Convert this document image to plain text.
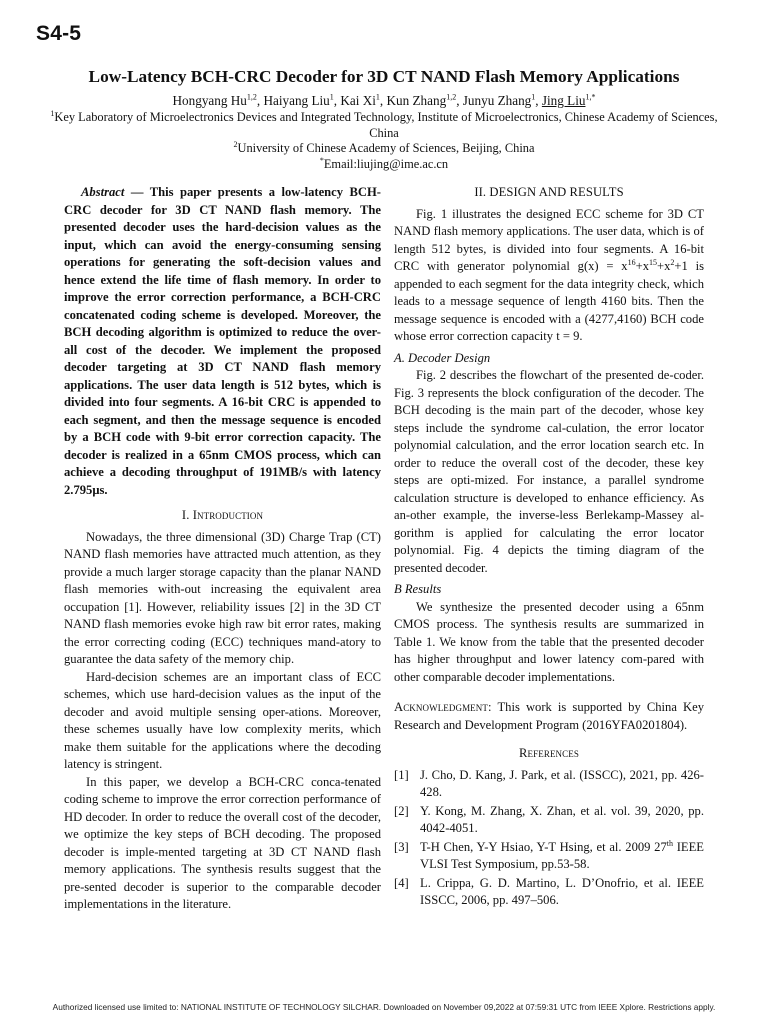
S4-5
Low-Latency BCH-CRC Decoder for 3D CT NAND Flash Memory Applications
Hongyang Hu$^{1,2}$, Haiyang Liu$^1$, Kai Xi$^1$, Kun Zhang$^{1,2}$, Junyu Zhang$^1$, Jing Liu$^{1,*}$
$^1$Key Laboratory of Microelectronics Devices and Integrated Technology, Institute of Microelectronics, Chinese Academy of Sciences, China
$^2$University of Chinese Academy of Sciences, Beijing, China
*Email:liujing@ime.ac.cn

Abstract — This paper presents a low-latency BCH-CRC decoder for 3D CT NAND flash memory. The presented decoder uses the hard-decision values as the input, which can avoid the energy-consuming sensing operations for generating the soft-decision values and hence extend the life time of flash memory. In order to improve the error correction performance, a BCH-CRC concatenated coding scheme is developed. Moreover, the BCH decoding algorithm is optimized to reduce the over-all cost of the decoder. We implement the proposed decoder targeting at 3D CT NAND flash memory applications. The user data length is 512 bytes, which is divided into four segments. A 16-bit CRC is appended to each segment, and then the message sequence is encoded by a BCH code with 9-bit error correction capacity. The decoder is realized in a 65nm CMOS process, which can achieve a decoding throughput of 191MB/s with latency 2.795μs.

I. Introduction

Nowadays, the three dimensional (3D) Charge Trap (CT) NAND flash memories have attracted much attention, as they provide a much larger storage capacity than the planar NAND flash memories with-out increasing the equivalent area occupation [1]. However, reliability issues [2] in the 3D CT NAND flash memories evoke high raw bit error rates, making the error correcting coding (ECC) techniques mand-atory to guarantee the data safety of the memory chip.

Hard-decision schemes are an important class of ECC schemes, which use hard-decision values as the input of the decoder and avoid multiple sensing oper-ations. Moreover, these schemes usually have low complexity merits, which make them suitable for the applications where the decoding latency is stringent.

In this paper, we develop a BCH-CRC conca-tenated coding scheme to improve the error correction performance of HD decoder. In order to reduce the overall cost of the decoder, we optimize the key steps of BCH decoding. The proposed decoder is imple-mented targeting at 3D CT NAND flash memory applications. The synthesis results suggest that the pre-sented decoder is superior to the comparable decoder implementations in the literature.

II. DESIGN AND RESULTS

Fig. 1 illustrates the designed ECC scheme for 3D CT NAND flash memory applications. The user data, which is of length 512 bytes, is divided into four segments. A 16-bit CRC with generator polynomial $g(x) = x^{16}+x^{15}+x^2+1$ is appended to each segment for the data integrity check, which leads to a message sequence of length 4160 bits. Then the message sequence is encoded with a (4277,4160) BCH code whose error correction capacity t = 9.

A. Decoder Design

Fig. 2 describes the flowchart of the presented de-coder. Fig. 3 represents the block configuration of the decoder. The BCH decoding is the main part of the decoder, whose key steps include the syndrome cal-culation, the error locator polynomial calculation, and the error location search etc. In order to reduce the overall cost of the decoder, these key steps are opti-mized. For instance, a parallel syndrome calculation structure is developed to enhance efficiency. As an-other example, the inverse-less Berlekamp-Massey al-gorithm is applied for calculating the error locator polynomial. Fig. 4 depicts the timing diagram of the presented decoder.

B Results

We synthesize the presented decoder using a 65nm CMOS process. The synthesis results are summarized in Table 1. We know from the table that the presented decoder has higher throughput and lower latency com-pared with other comparable decoder implementations.

Acknowledgment: This work is supported by China Key Research and Development Program (2016YFA0201804).

References
[1] J. Cho, D. Kang, J. Park, et al. (ISSCC), 2021, pp. 426-428.
[2] Y. Kong, M. Zhang, X. Zhan, et al. vol. 39, 2020, pp. 4042-4051.
[3] T-H Chen, Y-Y Hsiao, Y-T Hsing, et al. 2009 27th IEEE VLSI Test Symposium, pp.53-58.
[4] L. Crippa, G. D. Martino, L. D’Onofrio, et al. IEEE ISSCC, 2006, pp. 497–506.
Authorized licensed use limited to: NATIONAL INSTITUTE OF TECHNOLOGY SILCHAR. Downloaded on November 09,2022 at 07:59:31 UTC from IEEE Xplore. Restrictions apply.
